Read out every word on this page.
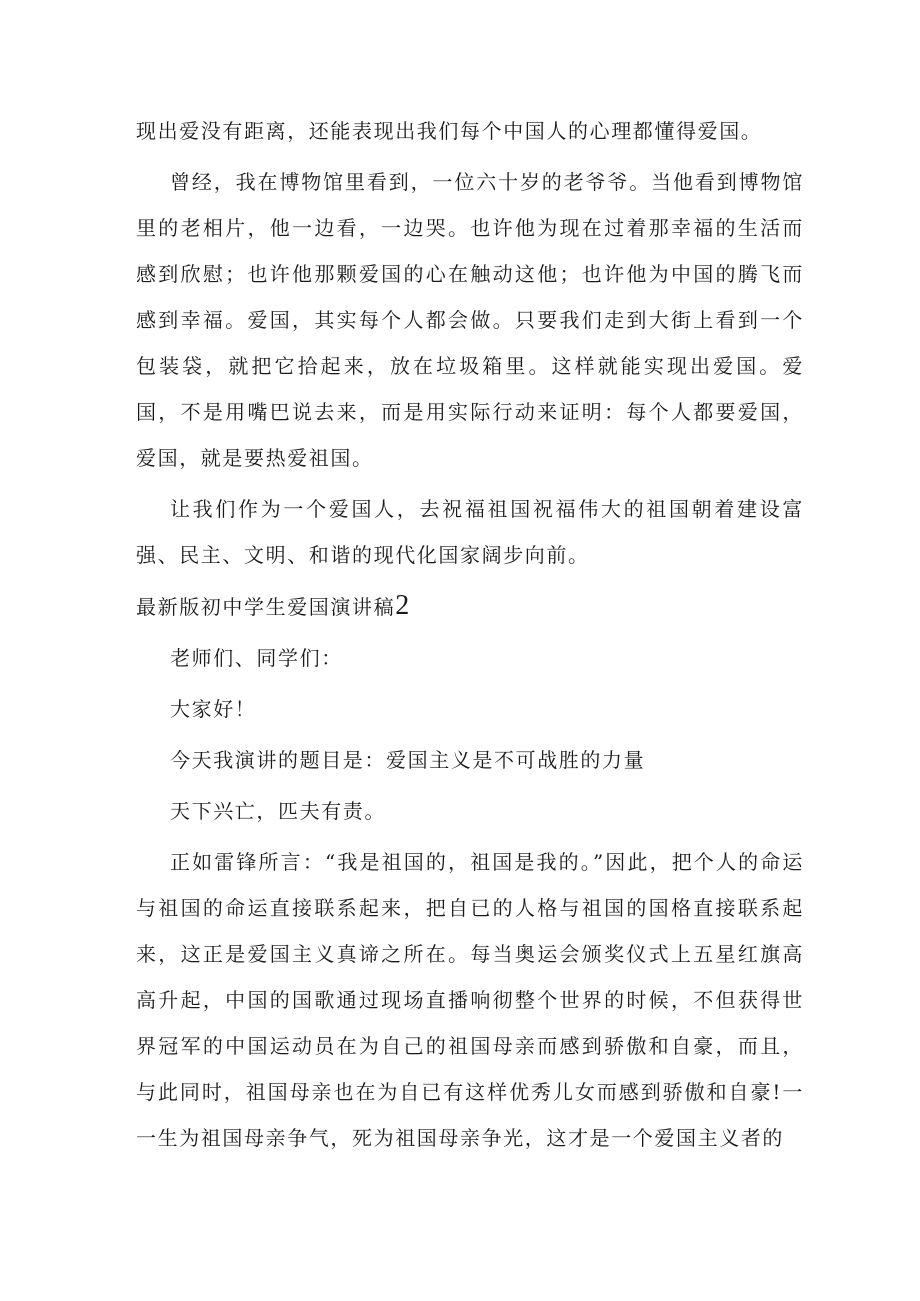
现出爱没有距离，还能表现出我们每个中国人的心理都懂得爱国。

曾经，我在博物馆里看到，一位六十岁的老爷爷。当他看到博物馆里的老相片，他一边看，一边哭。也许他为现在过着那幸福的生活而感到欣慰；也许他那颗爱国的心在触动这他；也许他为中国的腾飞而感到幸福。爱国，其实每个人都会做。只要我们走到大街上看到一个包装袋，就把它拾起来，放在垃圾箱里。这样就能实现出爱国。爱国，不是用嘴巴说去来，而是用实际行动来证明：每个人都要爱国，爱国，就是要热爱祖国。

让我们作为一个爱国人，去祝福祖国祝福伟大的祖国朝着建设富强、民主、文明、和谐的现代化国家阔步向前。

最新版初中学生爱国演讲稿2

老师们、同学们：

大家好！

今天我演讲的题目是：爱国主义是不可战胜的力量

天下兴亡，匹夫有责。

正如雷锋所言：“我是祖国的，祖国是我的。”因此，把个人的命运与祖国的命运直接联系起来，把自已的人格与祖国的国格直接联系起来，这正是爱国主义真谛之所在。每当奥运会颁奖仪式上五星红旗高高升起，中国的国歌通过现场直播响彻整个世界的时候，不但获得世界冠军的中国运动员在为自己的祖国母亲而感到骄傲和自豪，而且，与此同时，祖国母亲也在为自已有这样优秀儿女而感到骄傲和自豪!一一生为祖国母亲争气，死为祖国母亲争光，这才是一个爱国主义者的
